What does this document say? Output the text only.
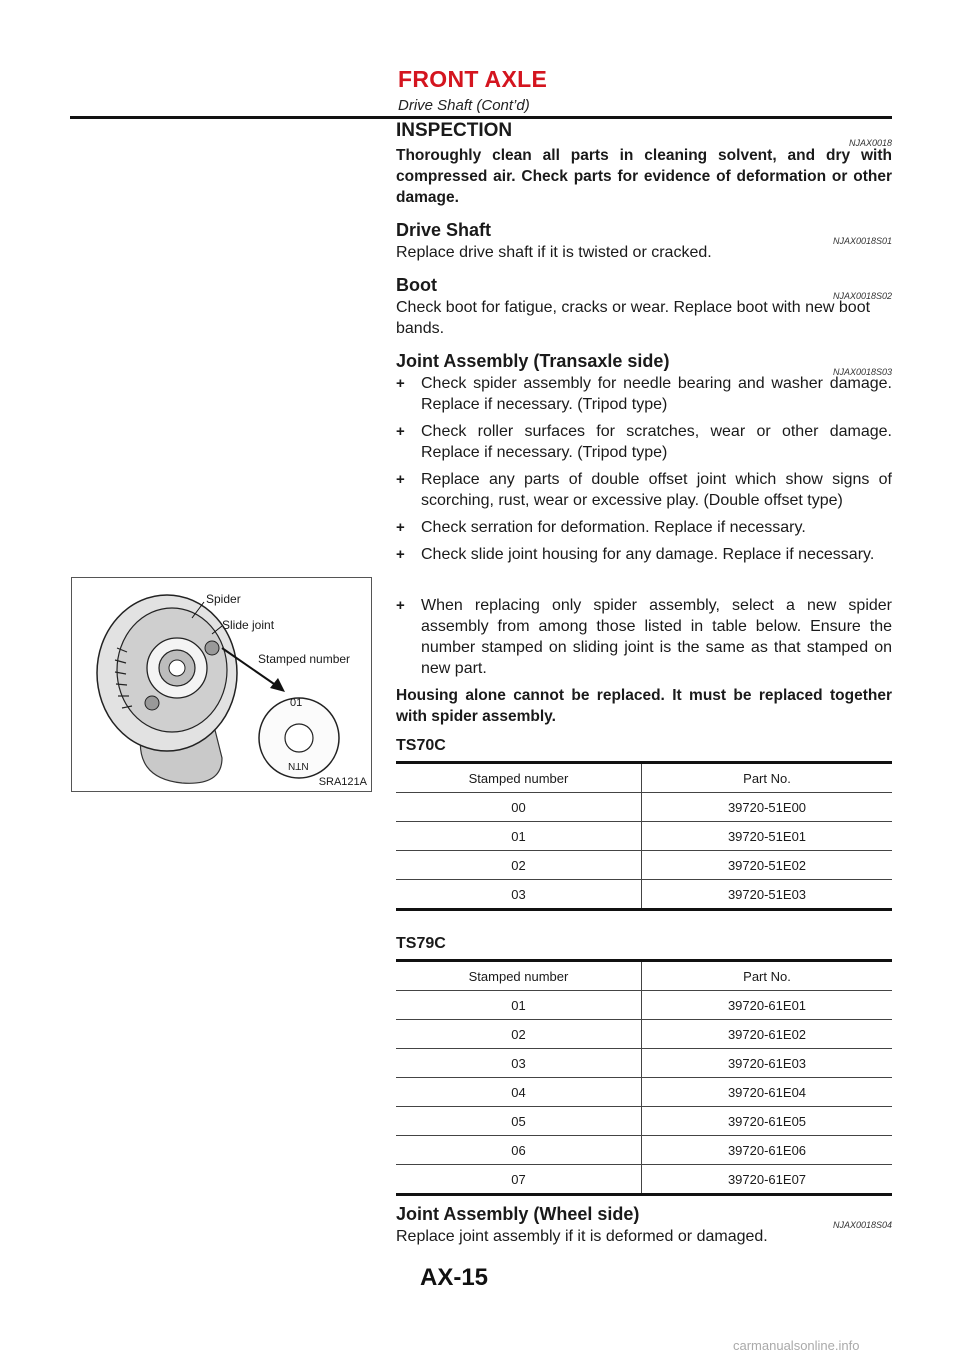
FRONT AXLE
Drive Shaft (Cont’d)
INSPECTION
NJAX0018

Thoroughly clean all parts in cleaning solvent, and dry with compressed air. Check parts for evidence of deformation or other damage.

Drive Shaft
NJAX0018S01

Replace drive shaft if it is twisted or cracked.

Boot
NJAX0018S02

Check boot for fatigue, cracks or wear. Replace boot with new boot bands.

Joint Assembly (Transaxle side)
NJAX0018S03
+ Check spider assembly for needle bearing and washer damage. Replace if necessary. (Tripod type)
+ Check roller surfaces for scratches, wear or other damage. Replace if necessary. (Tripod type)
+ Replace any parts of double offset joint which show signs of scorching, rust, wear or excessive play. (Double offset type)
+ Check serration for deformation. Replace if necessary.
+ Check slide joint housing for any damage. Replace if necessary.
+ When replacing only spider assembly, select a new spider assembly from among those listed in table below. Ensure the number stamped on sliding joint is the same as that stamped on new part.

Housing alone cannot be replaced. It must be replaced together with spider assembly.

TS70C
Stamped number	Part No.
00	39720-51E00
01	39720-51E01
02	39720-51E02
03	39720-51E03
TS79C
Stamped number	Part No.
01	39720-61E01
02	39720-61E02
03	39720-61E03
04	39720-61E04
05	39720-61E05
06	39720-61E06
07	39720-61E07
Joint Assembly (Wheel side)
NJAX0018S04

Replace joint assembly if it is deformed or damaged.

Spider
Slide joint
Stamped number
01
NTN
SRA121A
AX-15
carmanualsonline.info
